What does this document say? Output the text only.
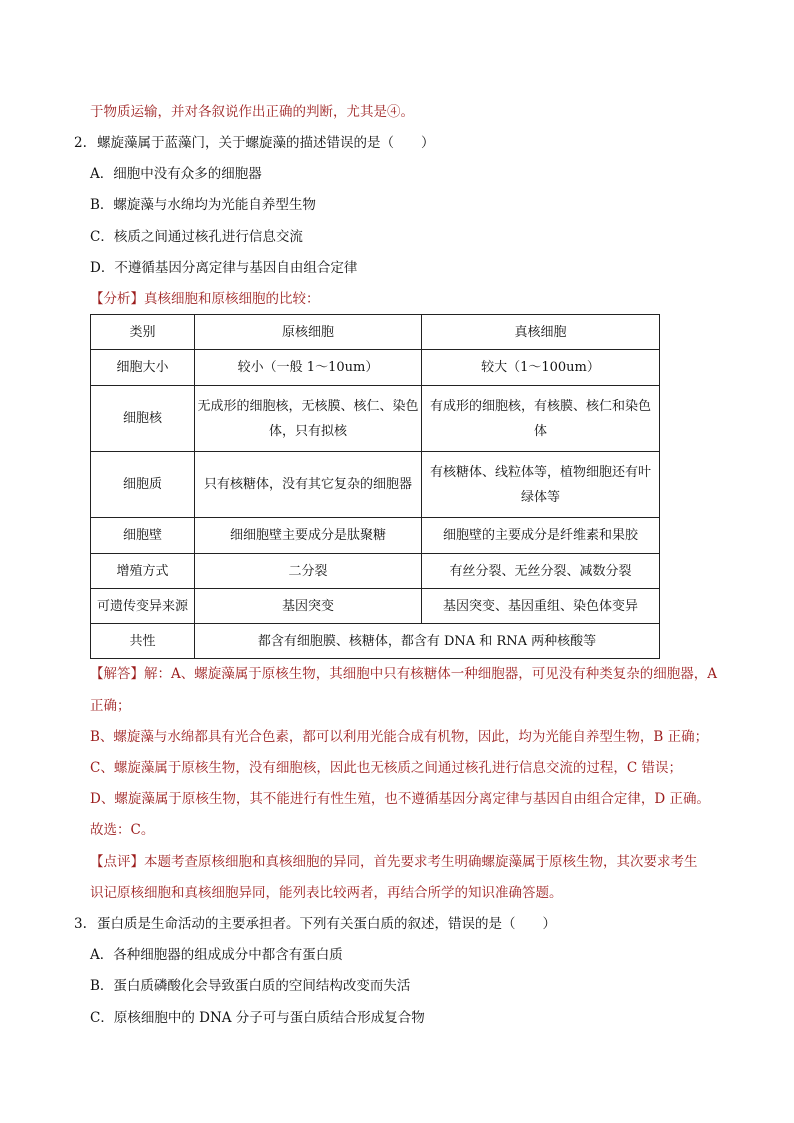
于物质运输，并对各叙说作出正确的判断，尤其是④。
2. 螺旋藻属于蓝藻门，关于螺旋藻的描述错误的是（　　）
A．细胞中没有众多的细胞器
B．螺旋藻与水绵均为光能自养型生物
C．核质之间通过核孔进行信息交流
D．不遵循基因分离定律与基因自由组合定律
【分析】真核细胞和原核细胞的比较：
类别	原核细胞	真核细胞
细胞大小	较小（一般 1～10um）	较大（1～100um）
细胞核	无成形的细胞核，无核膜、核仁、染色体，只有拟核	有成形的细胞核，有核膜、核仁和染色体
细胞质	只有核糖体，没有其它复杂的细胞器	有核糖体、线粒体等，植物细胞还有叶绿体等
细胞壁	细细胞壁主要成分是肽聚糖	细胞壁的主要成分是纤维素和果胶
增殖方式	二分裂	有丝分裂、无丝分裂、减数分裂
可遗传变异来源	基因突变	基因突变、基因重组、染色体变异
共性	都含有细胞膜、核糖体，都含有 DNA 和 RNA 两种核酸等	
【解答】解：A、螺旋藻属于原核生物，其细胞中只有核糖体一种细胞器，可见没有种类复杂的细胞器，A
正确；
B、螺旋藻与水绵都具有光合色素，都可以利用光能合成有机物，因此，均为光能自养型生物，B 正确；
C、螺旋藻属于原核生物，没有细胞核，因此也无核质之间通过核孔进行信息交流的过程，C 错误；
D、螺旋藻属于原核生物，其不能进行有性生殖，也不遵循基因分离定律与基因自由组合定律，D 正确。
故选：C。
【点评】本题考查原核细胞和真核细胞的异同，首先要求考生明确螺旋藻属于原核生物，其次要求考生
识记原核细胞和真核细胞异同，能列表比较两者，再结合所学的知识准确答题。
3. 蛋白质是生命活动的主要承担者。下列有关蛋白质的叙述，错误的是（　　）
A．各种细胞器的组成成分中都含有蛋白质
B．蛋白质磷酸化会导致蛋白质的空间结构改变而失活
C．原核细胞中的 DNA 分子可与蛋白质结合形成复合物
